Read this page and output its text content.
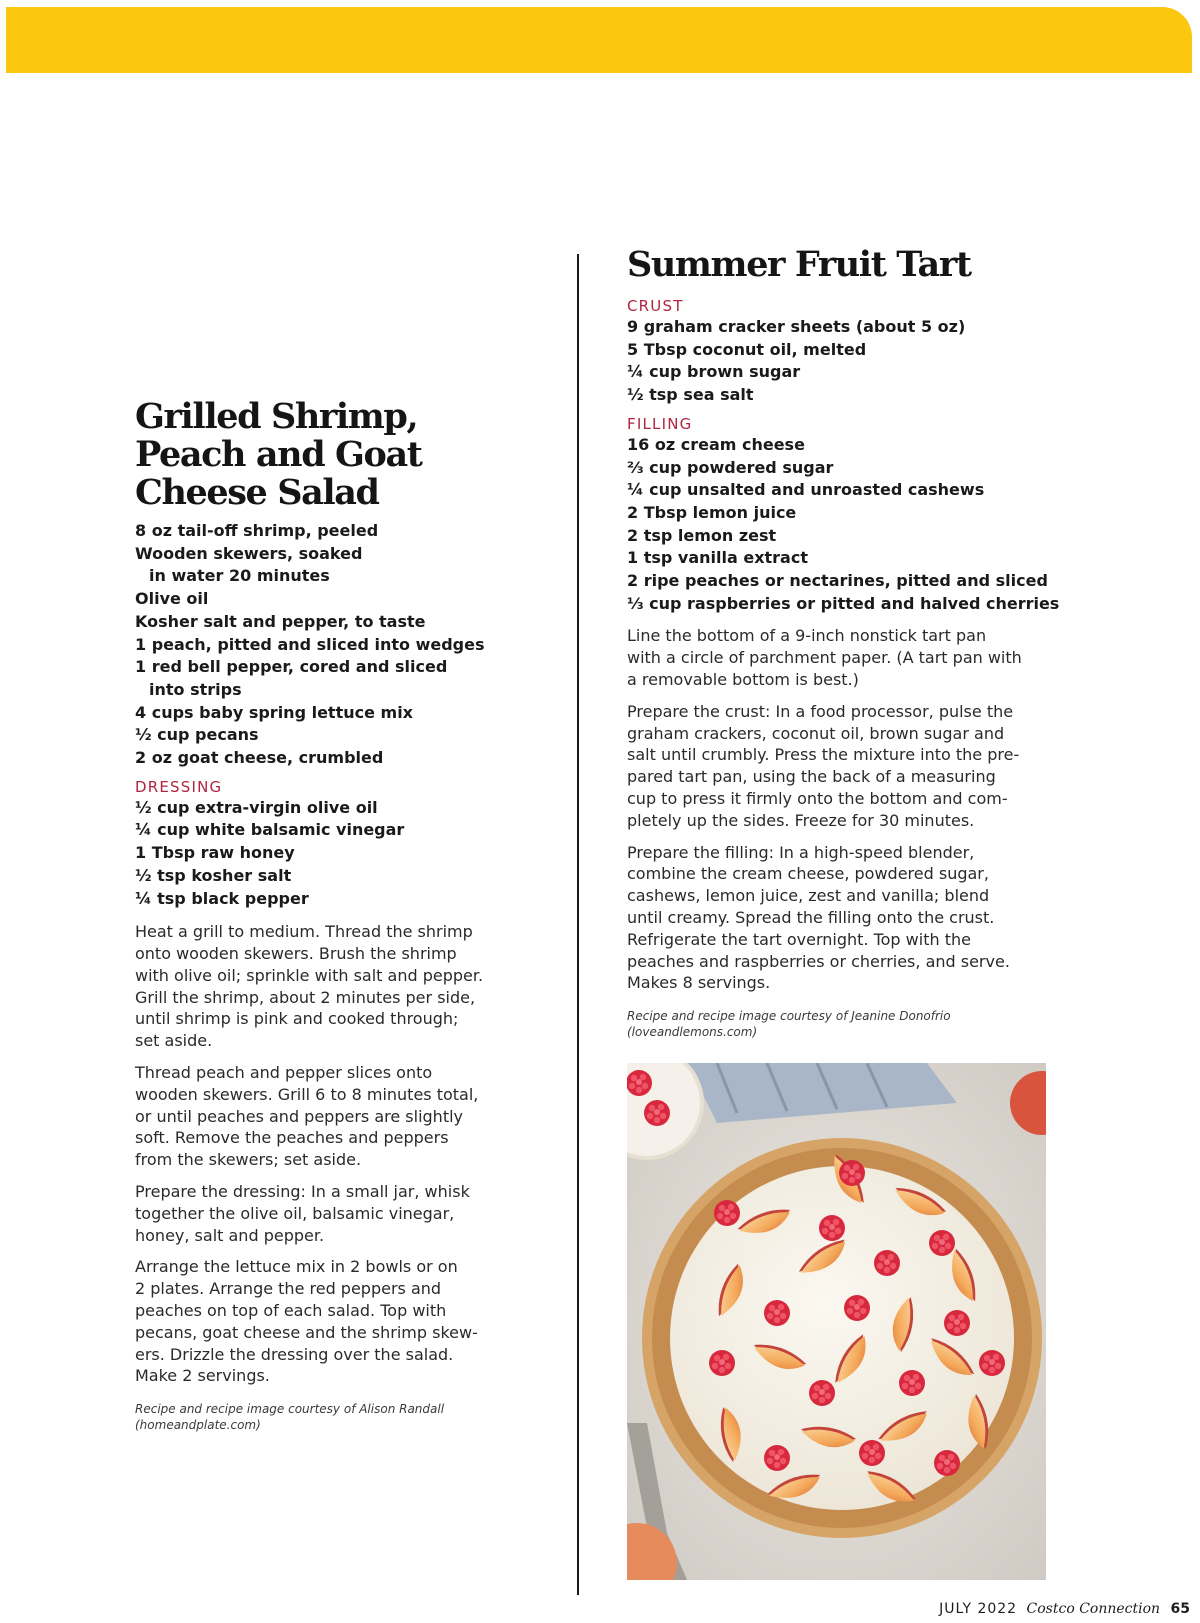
Grilled Shrimp, Peach and Goat Cheese Salad
8 oz tail-off shrimp, peeled
Wooden skewers, soaked
in water 20 minutes
Olive oil
Kosher salt and pepper, to taste
1 peach, pitted and sliced into wedges
1 red bell pepper, cored and sliced
into strips
4 cups baby spring lettuce mix
½ cup pecans
2 oz goat cheese, crumbled
DRESSING
½ cup extra-virgin olive oil
¼ cup white balsamic vinegar
1 Tbsp raw honey
½ tsp kosher salt
¼ tsp black pepper

Heat a grill to medium. Thread the shrimp
onto wooden skewers. Brush the shrimp
with olive oil; sprinkle with salt and pepper.
Grill the shrimp, about 2 minutes per side,
until shrimp is pink and cooked through;
set aside.

Thread peach and pepper slices onto
wooden skewers. Grill 6 to 8 minutes total,
or until peaches and peppers are slightly
soft. Remove the peaches and peppers
from the skewers; set aside.

Prepare the dressing: In a small jar, whisk
together the olive oil, balsamic vinegar,
honey, salt and pepper.

Arrange the lettuce mix in 2 bowls or on
2 plates. Arrange the red peppers and
peaches on top of each salad. Top with
pecans, goat cheese and the shrimp skew-
ers. Drizzle the dressing over the salad.
Make 2 servings.

Recipe and recipe image courtesy of Alison Randall
(homeandplate.com)

Summer Fruit Tart
CRUST
9 graham cracker sheets (about 5 oz)
5 Tbsp coconut oil, melted
¼ cup brown sugar
½ tsp sea salt
FILLING
16 oz cream cheese
⅔ cup powdered sugar
¼ cup unsalted and unroasted cashews
2 Tbsp lemon juice
2 tsp lemon zest
1 tsp vanilla extract
2 ripe peaches or nectarines, pitted and sliced
⅓ cup raspberries or pitted and halved cherries

Line the bottom of a 9-inch nonstick tart pan
with a circle of parchment paper. (A tart pan with
a removable bottom is best.)

Prepare the crust: In a food processor, pulse the
graham crackers, coconut oil, brown sugar and
salt until crumbly. Press the mixture into the pre-
pared tart pan, using the back of a measuring
cup to press it firmly onto the bottom and com-
pletely up the sides. Freeze for 30 minutes.

Prepare the filling: In a high-speed blender,
combine the cream cheese, powdered sugar,
cashews, lemon juice, zest and vanilla; blend
until creamy. Spread the filling onto the crust.
Refrigerate the tart overnight. Top with the
peaches and raspberries or cherries, and serve.
Makes 8 servings.

Recipe and recipe image courtesy of Jeanine Donofrio
(loveandlemons.com)

JULY 2022 Costco Connection 65
